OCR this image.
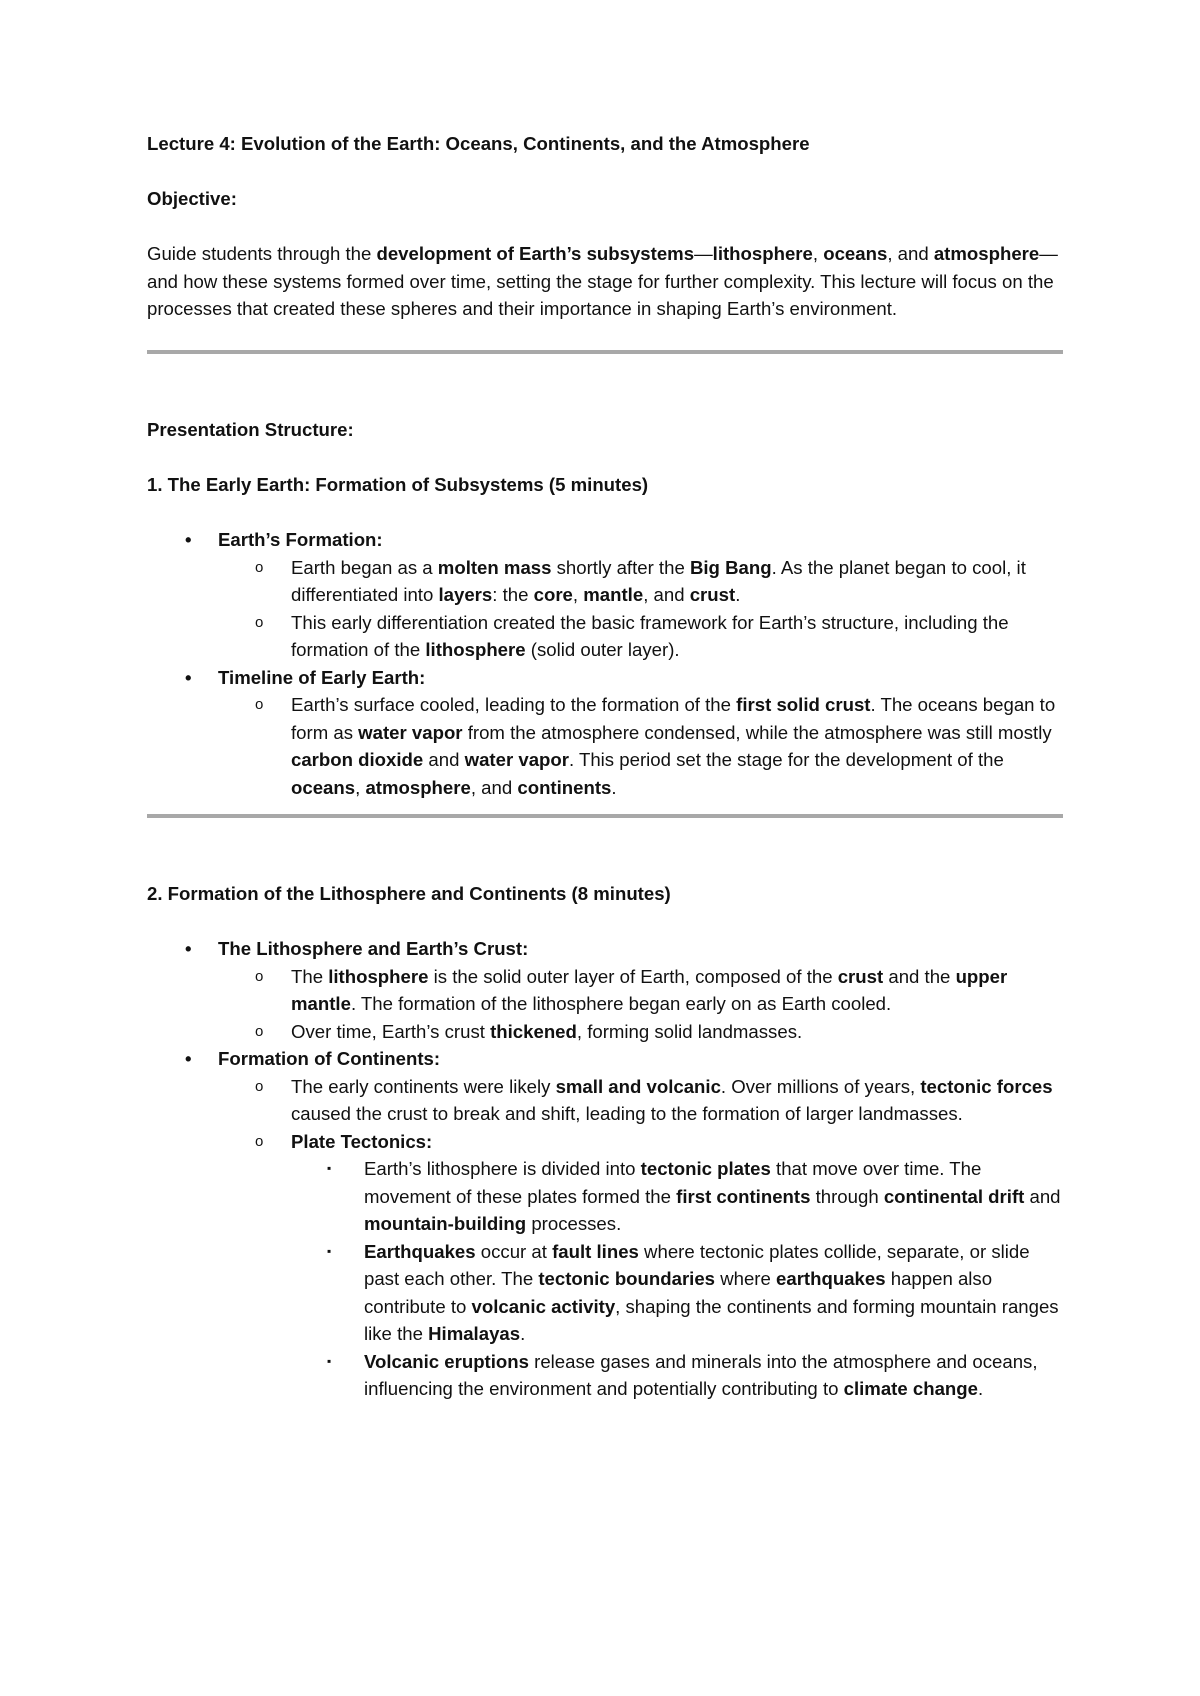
Lecture 4: Evolution of the Earth: Oceans, Continents, and the Atmosphere
Objective:
Guide students through the development of Earth’s subsystems—lithosphere, oceans, and atmosphere—and how these systems formed over time, setting the stage for further complexity. This lecture will focus on the processes that created these spheres and their importance in shaping Earth’s environment.
Presentation Structure:
1. The Early Earth: Formation of Subsystems (5 minutes)
• Earth’s Formation:
o Earth began as a molten mass shortly after the Big Bang. As the planet began to cool, it differentiated into layers: the core, mantle, and crust.
o This early differentiation created the basic framework for Earth’s structure, including the formation of the lithosphere (solid outer layer).
• Timeline of Early Earth:
o Earth’s surface cooled, leading to the formation of the first solid crust. The oceans began to form as water vapor from the atmosphere condensed, while the atmosphere was still mostly carbon dioxide and water vapor. This period set the stage for the development of the oceans, atmosphere, and continents.
2. Formation of the Lithosphere and Continents (8 minutes)
• The Lithosphere and Earth’s Crust:
o The lithosphere is the solid outer layer of Earth, composed of the crust and the upper mantle. The formation of the lithosphere began early on as Earth cooled.
o Over time, Earth’s crust thickened, forming solid landmasses.
• Formation of Continents:
o The early continents were likely small and volcanic. Over millions of years, tectonic forces caused the crust to break and shift, leading to the formation of larger landmasses.
o Plate Tectonics:
▪ Earth’s lithosphere is divided into tectonic plates that move over time. The movement of these plates formed the first continents through continental drift and mountain-building processes.
▪ Earthquakes occur at fault lines where tectonic plates collide, separate, or slide past each other. The tectonic boundaries where earthquakes happen also contribute to volcanic activity, shaping the continents and forming mountain ranges like the Himalayas.
▪ Volcanic eruptions release gases and minerals into the atmosphere and oceans, influencing the environment and potentially contributing to climate change.
